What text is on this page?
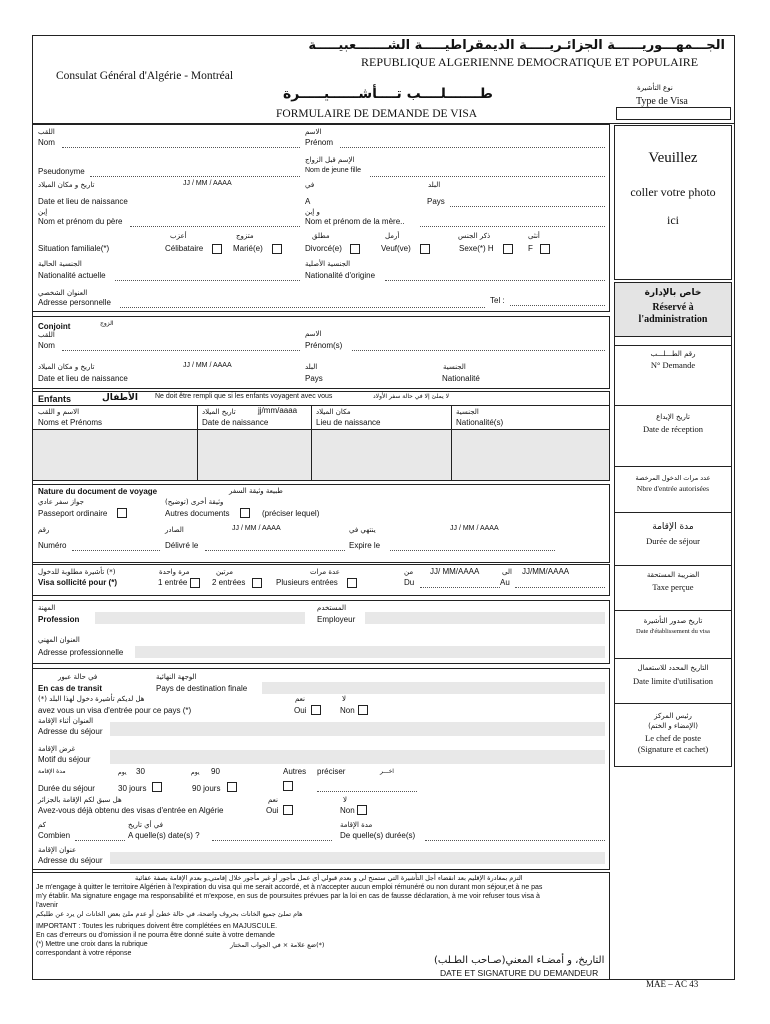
الجـــمهـــوريــــــة الجزائـريـــــة الديمقراطيـــــة الشـــــــعبيـــــة
REPUBLIQUE ALGERIENNE DEMOCRATIQUE ET POPULAIRE
Consulat Général d'Algérie - Montréal
نوع التأشيرة
Type de Visa
طـــــــلــــب تــــأشــــــيـــــرة
FORMULAIRE DE DEMANDE DE VISA
اللقب
Nom
الاسم
Prénom
Pseudonyme
الإسم قبل الزواج
Nom de jeune fille
تاريخ و مكان الميلاد	JJ / MM / AAAA
Date et lieu de naissance
في
A
البلد
Pays
إبن
Nom et prénom du père
و إبن
Nom et prénom de la mère..
أعزب	متزوج	مطلق	أرمل	ذكر الجنس	أنثى
Situation familiale(*)	Célibataire	Marié(e)	Divorcé(e)	Veuf(ve)	Sexe(*) H	F
الجنسية الحالية
Nationalité actuelle
الجنسية الأصلية
Nationalité d'origine
العنوان الشخصي
Adresse personnelle	Tel :
Veuillez
coller votre photo
ici
خاص بالإدارة
Réservé à
l'administration
رقم الطـــلـــب
N° Demande
تاريخ الإيداع
Date de réception
عدد مرات الدخول المرخصة
Nbre d'entrée autorisées
مدة الإقامة
Durée de séjour
الضريبة المستحقة
Taxe perçue
تاريخ صدور التأشيرة
Date d'établissement du visa
التاريخ المحدد للاستعمال
Date limite d'utilisation
رئيس المركز
(الإمضاء و الختم)
Le chef de poste
(Signature et cachet)
Conjoint	الزوج
اللقب
Nom
الاسم
Prénom(s)
تاريخ و مكان الميلاد	JJ / MM / AAAA
Date et lieu de naissance
البلد
Pays
الجنسية
Nationalité
Enfants	الأطفال Ne doit être rempli que si les enfants voyagent avec vous	لا يملئ إلا في حالة سفر الأولاد
الاسم و اللقب
Noms et Prénoms
تاريخ الميلاد	jj/mm/aaaa
Date de naissance
مكان الميلاد
Lieu de naissance
الجنسية
Nationalité(s)
Nature du document de voyage	طبيعة وثيقة السفر
جواز سفر عادي
Passeport ordinaire
وثيقة أخرى (توضيح)
Autres documents	(préciser lequel)
رقم
Numéro
الصادر	JJ / MM / AAAA
Délivré le
ينتهي في	JJ / MM / AAAA
Expire le
(*) تأشيرة مطلوبة للدخول
Visa sollicité pour (*)
مرة واحدة
1 entrée
مرتين
2 entrées
عدة مرات
Plusieurs entrées
من JJ/ MM/AAAA
Du
الى JJ/MM/AAAA
Au
المهنة
Profession
المستخدم
Employeur
العنوان المهني
Adresse professionnelle
في حالة عبور
En cas de transit
الوجهة النهائية
Pays de destination finale
هل لديكم تأشيرة دخول لهذا البلد (*)
avez vous un visa d'entrée pour ce pays (*)
نعم
Oui
لا
Non
العنوان أثناء الإقامة
Adresse du séjour
غرض الإقامة
Motif du séjour
مدة الإقامة	يوم 30	يوم 90	Autres préciser	اخـــر
Durée du séjour	30 jours	90 jours
هل سبق لكم الإقامة بالجزائر
Avez-vous déjà obtenu des visas d'entrée en Algérie
نعم
Oui
لا
Non
كم
Combien
في أي تاريخ
A quelle(s) date(s) ?
مدة الإقامة
De quelle(s) durée(s)
عنوان الإقامة
Adresse du séjour
التزم بمغادرة الإقليم بعد انقضاء أجل التأشيرة التي ستمنح لي و بعدم قبولي أي عمل مأجور أو غير مأجور خلال إقامتي,و بعدم الإقامة بصفة عفائية
Je m'engage à quitter le territoire Algérien à l'expiration du visa qui me serait accordé, et à n'accepter aucun emploi rémunéré ou non durant mon séjour,et à ne pas
m'y établir. Ma signature engage ma responsabilité et m'expose, en sus de poursuites prévues par la loi en cas de fausse déclaration, à me voir refuser tous visa à
l'avenir
هام تملئ جميع الخانات بحروف واضحة، في حالة خطئ أو عدم ملئ بعض الخانات لن يرد عن طلبكم
IMPORTANT : Toutes les rubriques doivent être complétées en MAJUSCULE.
En cas d'erreurs ou d'omission il ne pourra être donné suite à votre demande
(*) Mettre une croix dans la rubrique	(*)ضع علامة × في الجواب المختار
correspondant à votre réponse
التاريخ، و أمضـاء المعني(صـاحب الطـلب)
DATE ET SIGNATURE DU DEMANDEUR
MAE – AC 43
